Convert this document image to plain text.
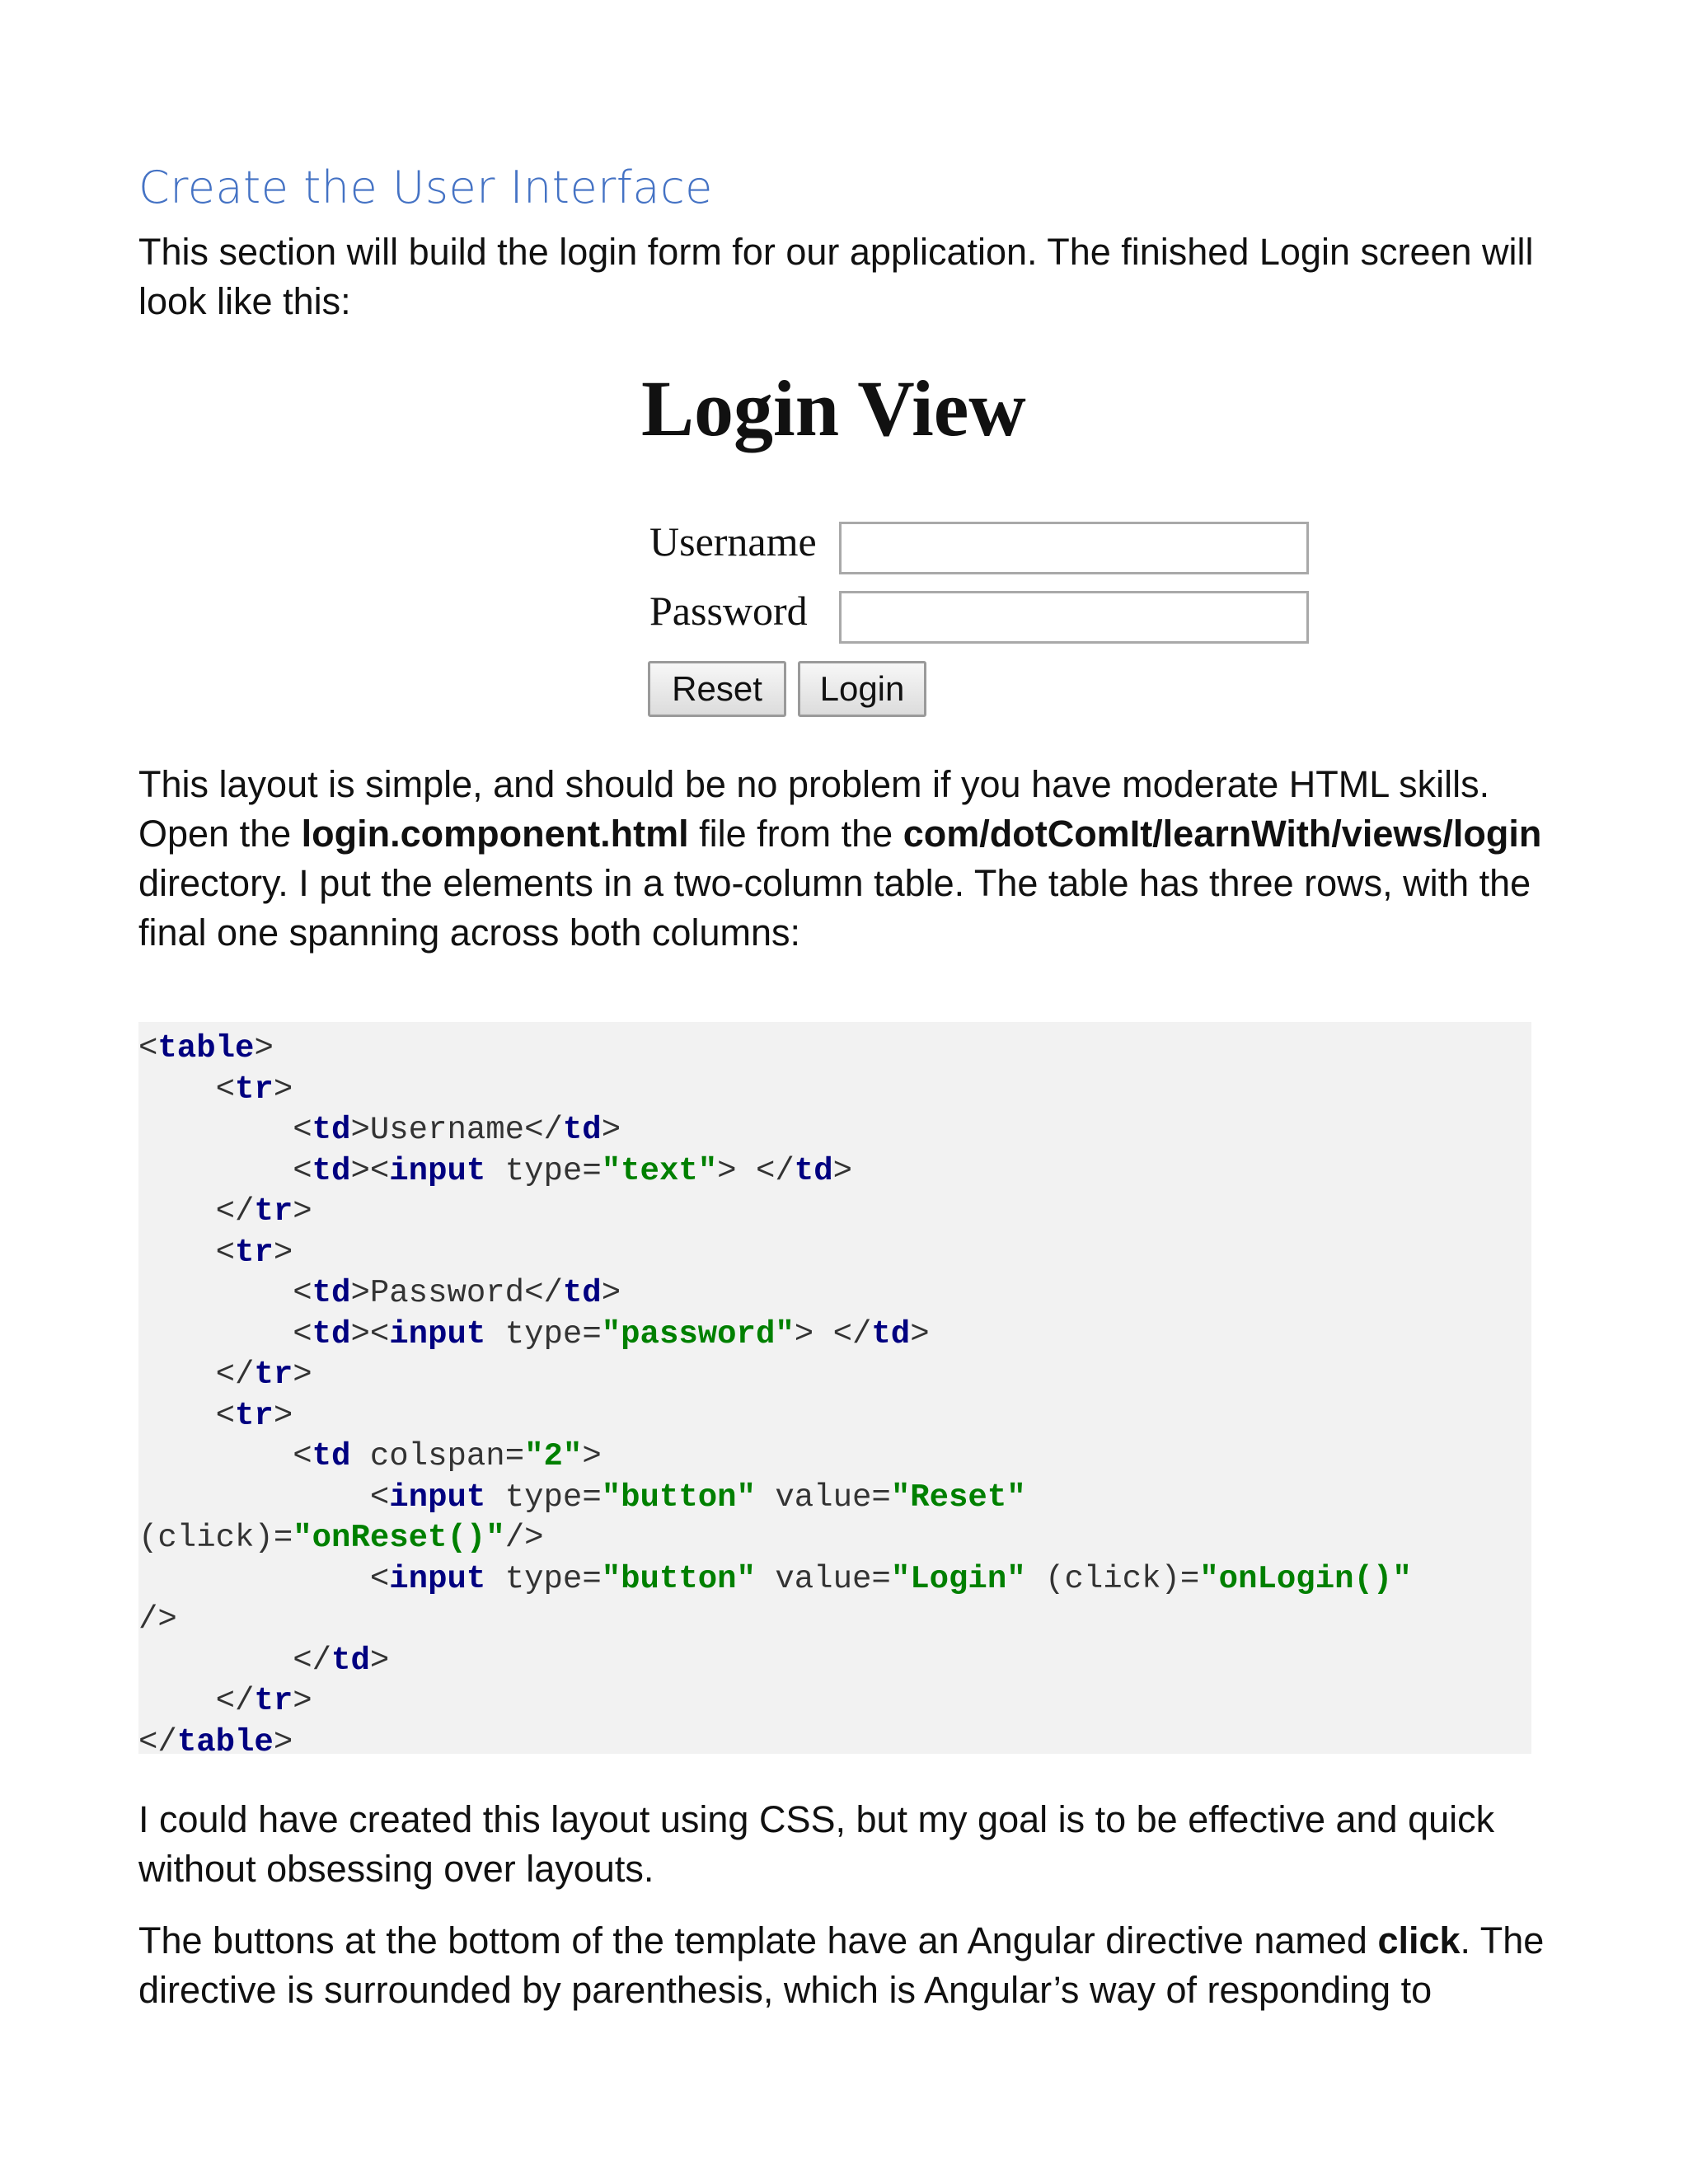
Create the User Interface
This section will build the login form for our application. The finished Login screen will look like this:
Login View
Username
Password
Reset	Login
This layout is simple, and should be no problem if you have moderate HTML skills. Open the login.component.html file from the com/dotComIt/learnWith/views/login directory. I put the elements in a two-column table. The table has three rows, with the final one spanning across both columns:
<table>
<tr>
<td>Username</td>
<td><input type="text"> </td>
</tr>
<tr>
<td>Password</td>
<td><input type="password"> </td>
</tr>
<tr>
<td colspan="2">
<input type="button" value="Reset"
(click)="onReset()"/>
<input type="button" value="Login" (click)="onLogin()"
/>
</td>
</tr>
</table>
I could have created this layout using CSS, but my goal is to be effective and quick without obsessing over layouts.
The buttons at the bottom of the template have an Angular directive named click. The directive is surrounded by parenthesis, which is Angular’s way of responding to
